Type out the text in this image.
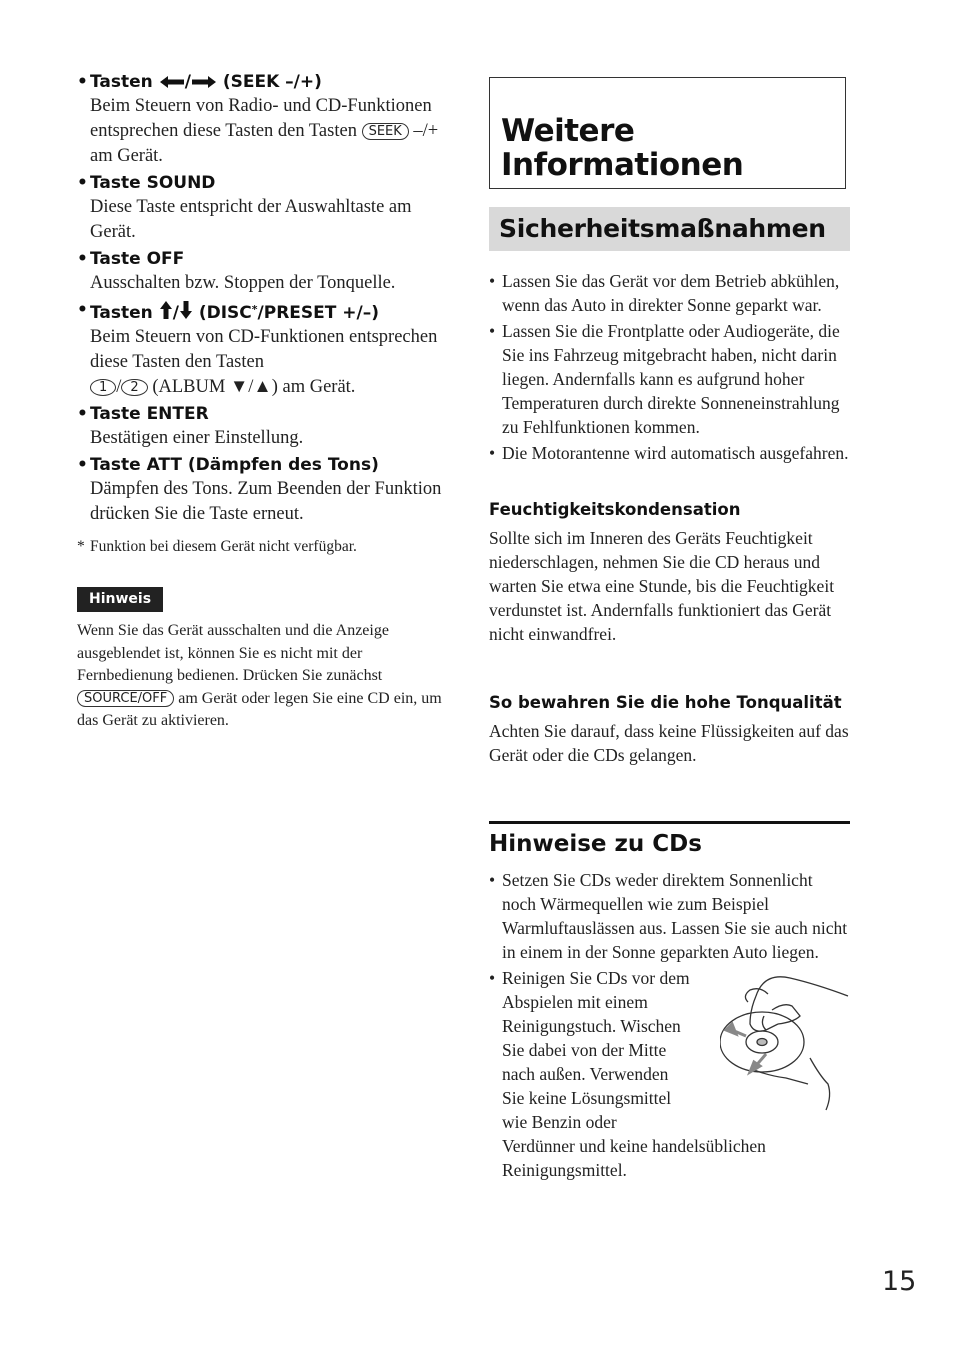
• Tasten / (SEEK –/+)
Beim Steuern von Radio- und CD-Funktionen entsprechen diese Tasten den Tasten SEEK –/+ am Gerät.
• Taste SOUND
Diese Taste entspricht der Auswahltaste am Gerät.
• Taste OFF
Ausschalten bzw. Stoppen der Tonquelle.
• Tasten / (DISC*/PRESET +/–)
Beim Steuern von CD-Funktionen entsprechen diese Tasten den Tasten
1 / 2 (ALBUM ▼/▲) am Gerät.
• Taste ENTER
Bestätigen einer Einstellung.
• Taste ATT (Dämpfen des Tons)
Dämpfen des Tons. Zum Beenden der Funktion drücken Sie die Taste erneut.
* Funktion bei diesem Gerät nicht verfügbar.
Hinweis
Wenn Sie das Gerät ausschalten und die Anzeige ausgeblendet ist, können Sie es nicht mit der Fernbedienung bedienen. Drücken Sie zunächst SOURCE/OFF am Gerät oder legen Sie eine CD ein, um das Gerät zu aktivieren.
Weitere
Informationen
Sicherheitsmaßnahmen
• Lassen Sie das Gerät vor dem Betrieb abkühlen, wenn das Auto in direkter Sonne geparkt war.
• Lassen Sie die Frontplatte oder Audiogeräte, die Sie ins Fahrzeug mitgebracht haben, nicht darin liegen. Andernfalls kann es aufgrund hoher Temperaturen durch direkte Sonneneinstrahlung zu Fehlfunktionen kommen.
• Die Motorantenne wird automatisch ausgefahren.
Feuchtigkeitskondensation
Sollte sich im Inneren des Geräts Feuchtigkeit niederschlagen, nehmen Sie die CD heraus und warten Sie etwa eine Stunde, bis die Feuchtigkeit verdunstet ist. Andernfalls funktioniert das Gerät nicht einwandfrei.
So bewahren Sie die hohe Tonqualität
Achten Sie darauf, dass keine Flüssigkeiten auf das Gerät oder die CDs gelangen.
Hinweise zu CDs
• Setzen Sie CDs weder direktem Sonnenlicht noch Wärmequellen wie zum Beispiel Warmluftauslässen aus. Lassen Sie sie auch nicht in einem in der Sonne geparkten Auto liegen.
• Reinigen Sie CDs vor dem
Abspielen mit einem
Reinigungstuch. Wischen
Sie dabei von der Mitte
nach außen. Verwenden
Sie keine Lösungsmittel
wie Benzin oder
Verdünner und keine handelsüblichen
Reinigungsmittel.
15
